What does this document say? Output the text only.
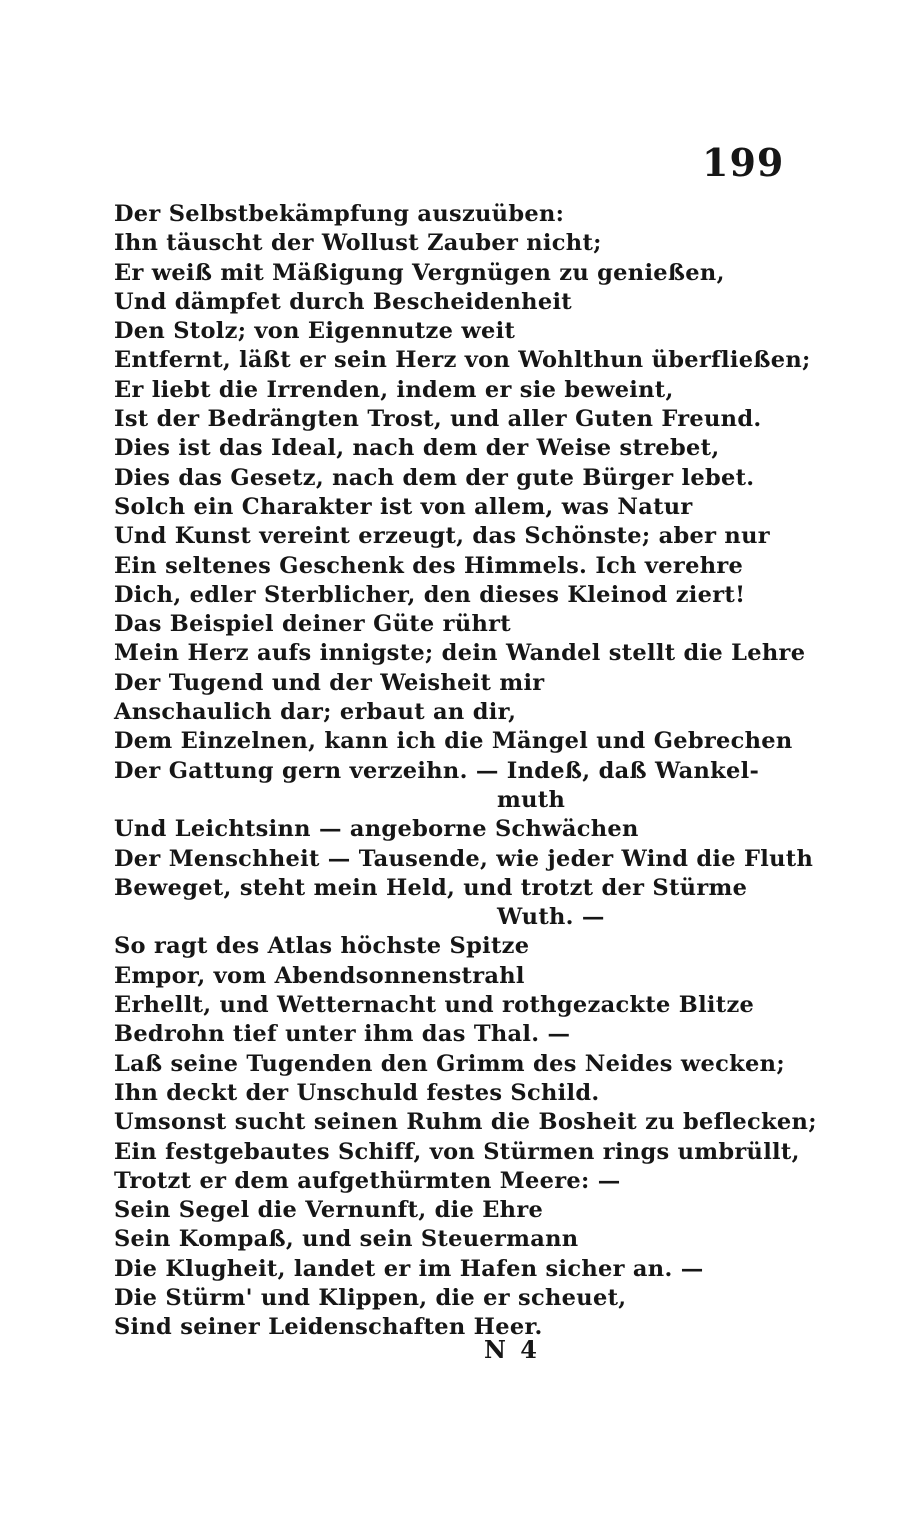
199
Der Selbstbekämpfung auszuüben:
Ihn täuscht der Wollust Zauber nicht;
Er weiß mit Mäßigung Vergnügen zu genießen,
Und dämpfet durch Bescheidenheit
Den Stolz; von Eigennutze weit
Entfernt, läßt er sein Herz von Wohlthun überfließen;
Er liebt die Irrenden, indem er sie beweint,
Ist der Bedrängten Trost, und aller Guten Freund.
Dies ist das Ideal, nach dem der Weise strebet,
Dies das Gesetz, nach dem der gute Bürger lebet.
Solch ein Charakter ist von allem, was Natur
Und Kunst vereint erzeugt, das Schönste; aber nur
Ein seltenes Geschenk des Himmels. Ich verehre
Dich, edler Sterblicher, den dieses Kleinod ziert!
Das Beispiel deiner Güte rührt
Mein Herz aufs innigste; dein Wandel stellt die Lehre
Der Tugend und der Weisheit mir
Anschaulich dar; erbaut an dir,
Dem Einzelnen, kann ich die Mängel und Gebrechen
Der Gattung gern verzeihn. — Indeß, daß Wankel-
muth
Und Leichtsinn — angeborne Schwächen
Der Menschheit — Tausende, wie jeder Wind die Fluth
Beweget, steht mein Held, und trotzt der Stürme
Wuth. —
So ragt des Atlas höchste Spitze
Empor, vom Abendsonnenstrahl
Erhellt, und Wetternacht und rothgezackte Blitze
Bedrohn tief unter ihm das Thal. —
Laß seine Tugenden den Grimm des Neides wecken;
Ihn deckt der Unschuld festes Schild.
Umsonst sucht seinen Ruhm die Bosheit zu beflecken;
Ein festgebautes Schiff, von Stürmen rings umbrüllt,
Trotzt er dem aufgethürmten Meere: —
Sein Segel die Vernunft, die Ehre
Sein Kompaß, und sein Steuermann
Die Klugheit, landet er im Hafen sicher an. —
Die Stürm' und Klippen, die er scheuet,
Sind seiner Leidenschaften Heer.
N 4
